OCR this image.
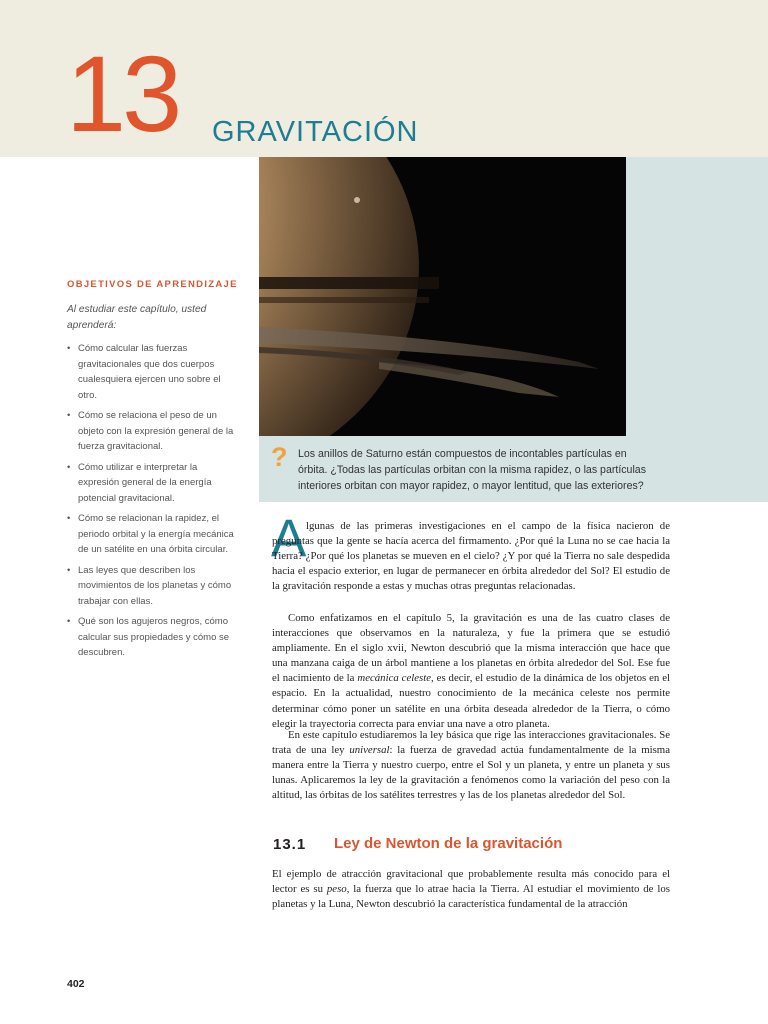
13 GRAVITACIÓN
? Los anillos de Saturno están compuestos de incontables partículas en órbita. ¿Todas las partículas orbitan con la misma rapidez, o las partículas interiores orbitan con mayor rapidez, o mayor lentitud, que las exteriores?
OBJETIVOS DE APRENDIZAJE
Al estudiar este capítulo, usted aprenderá:
• Cómo calcular las fuerzas gravitacionales que dos cuerpos cualesquiera ejercen uno sobre el otro.
• Cómo se relaciona el peso de un objeto con la expresión general de la fuerza gravitacional.
• Cómo utilizar e interpretar la expresión general de la energía potencial gravitacional.
• Cómo se relacionan la rapidez, el periodo orbital y la energía mecánica de un satélite en una órbita circular.
• Las leyes que describen los movimientos de los planetas y cómo trabajar con ellas.
• Qué son los agujeros negros, cómo calcular sus propiedades y cómo se descubren.
A lgunas de las primeras investigaciones en el campo de la física nacieron de preguntas que la gente se hacía acerca del firmamento. ¿Por qué la Luna no se cae hacia la Tierra? ¿Por qué los planetas se mueven en el cielo? ¿Y por qué la Tierra no sale despedida hacia el espacio exterior, en lugar de permanecer en órbita alrededor del Sol? El estudio de la gravitación responde a estas y muchas otras preguntas relacionadas.

Como enfatizamos en el capítulo 5, la gravitación es una de las cuatro clases de interacciones que observamos en la naturaleza, y fue la primera que se estudió ampliamente. En el siglo xvii, Newton descubrió que la misma interacción que hace que una manzana caiga de un árbol mantiene a los planetas en órbita alrededor del Sol. Ese fue el nacimiento de la mecánica celeste, es decir, el estudio de la dinámica de los objetos en el espacio. En la actualidad, nuestro conocimiento de la mecánica celeste nos permite determinar cómo poner un satélite en una órbita deseada alrededor de la Tierra, o cómo elegir la trayectoria correcta para enviar una nave a otro planeta.

En este capítulo estudiaremos la ley básica que rige las interacciones gravitacionales. Se trata de una ley universal: la fuerza de gravedad actúa fundamentalmente de la misma manera entre la Tierra y nuestro cuerpo, entre el Sol y un planeta, y entre un planeta y sus lunas. Aplicaremos la ley de la gravitación a fenómenos como la variación del peso con la altitud, las órbitas de los satélites terrestres y las de los planetas alrededor del Sol.

13.1 Ley de Newton de la gravitación

El ejemplo de atracción gravitacional que probablemente resulta más conocido para el lector es su peso, la fuerza que lo atrae hacia la Tierra. Al estudiar el movimiento de los planetas y la Luna, Newton descubrió la característica fundamental de la atracción

402
